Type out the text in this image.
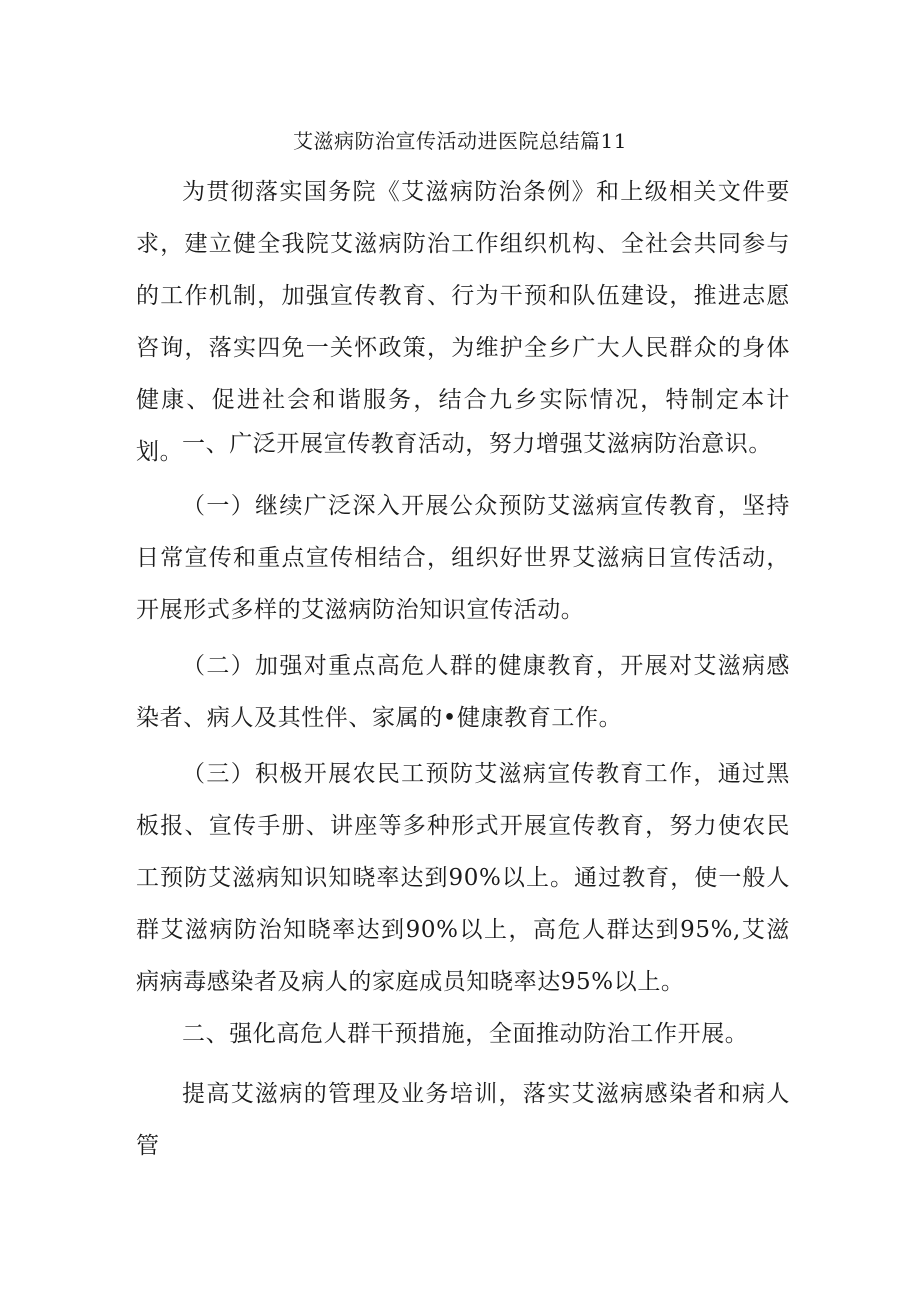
艾滋病防治宣传活动进医院总结篇11

为贯彻落实国务院《艾滋病防治条例》和上级相关文件要求，建立健全我院艾滋病防治工作组织机构、全社会共同参与的工作机制，加强宣传教育、行为干预和队伍建设，推进志愿咨询，落实四免一关怀政策，为维护全乡广大人民群众的身体健康、促进社会和谐服务，结合九乡实际情况，特制定本计划。

一、广泛开展宣传教育活动，努力增强艾滋病防治意识。

（一）继续广泛深入开展公众预防艾滋病宣传教育，坚持日常宣传和重点宣传相结合，组织好世界艾滋病日宣传活动，开展形式多样的艾滋病防治知识宣传活动。

（二）加强对重点高危人群的健康教育，开展对艾滋病感染者、病人及其性伴、家属的•健康教育工作。

（三）积极开展农民工预防艾滋病宣传教育工作，通过黑板报、宣传手册、讲座等多种形式开展宣传教育，努力使农民工预防艾滋病知识知晓率达到90%以上。通过教育，使一般人群艾滋病防治知晓率达到90%以上，高危人群达到95%,艾滋病病毒感染者及病人的家庭成员知晓率达95%以上。

二、强化高危人群干预措施，全面推动防治工作开展。

提高艾滋病的管理及业务培训，落实艾滋病感染者和病人管
